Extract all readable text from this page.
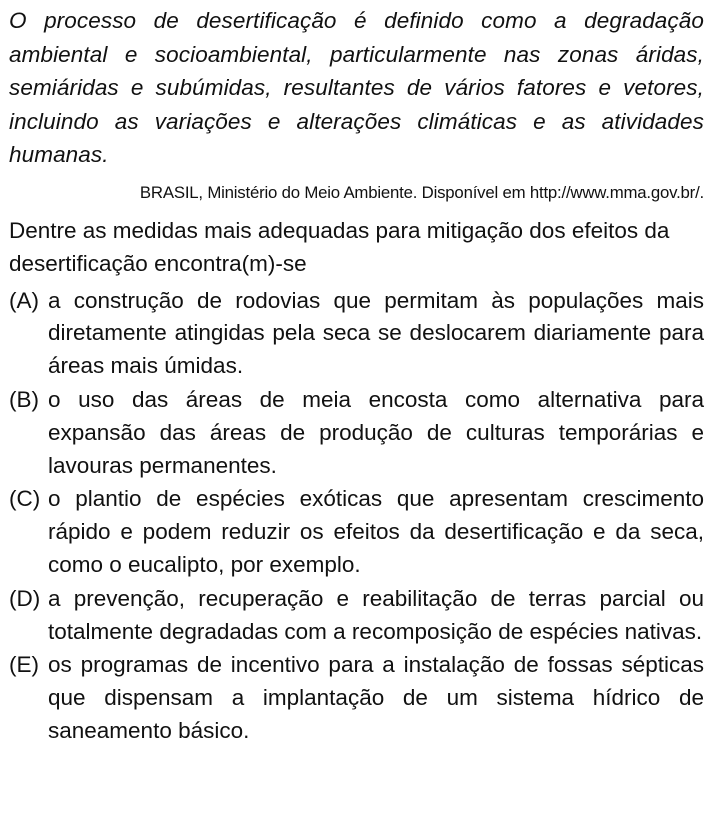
O processo de desertificação é definido como a degradação ambiental e socioambiental, particularmente nas zonas áridas, semiáridas e subúmidas, resultantes de vários fatores e vetores, incluindo as variações e alterações climáticas e as atividades humanas.

BRASIL, Ministério do Meio Ambiente. Disponível em http://www.mma.gov.br/.

Dentre as medidas mais adequadas para mitigação dos efeitos da desertificação encontra(m)-se

(A) a construção de rodovias que permitam às populações mais diretamente atingidas pela seca se deslocarem diariamente para áreas mais úmidas.
(B) o uso das áreas de meia encosta como alternativa para expansão das áreas de produção de culturas temporárias e lavouras permanentes.
(C) o plantio de espécies exóticas que apresentam crescimento rápido e podem reduzir os efeitos da desertificação e da seca, como o eucalipto, por exemplo.
(D) a prevenção, recuperação e reabilitação de terras parcial ou totalmente degradadas com a recomposição de espécies nativas.
(E) os programas de incentivo para a instalação de fossas sépticas que dispensam a implantação de um sistema hídrico de saneamento básico.
